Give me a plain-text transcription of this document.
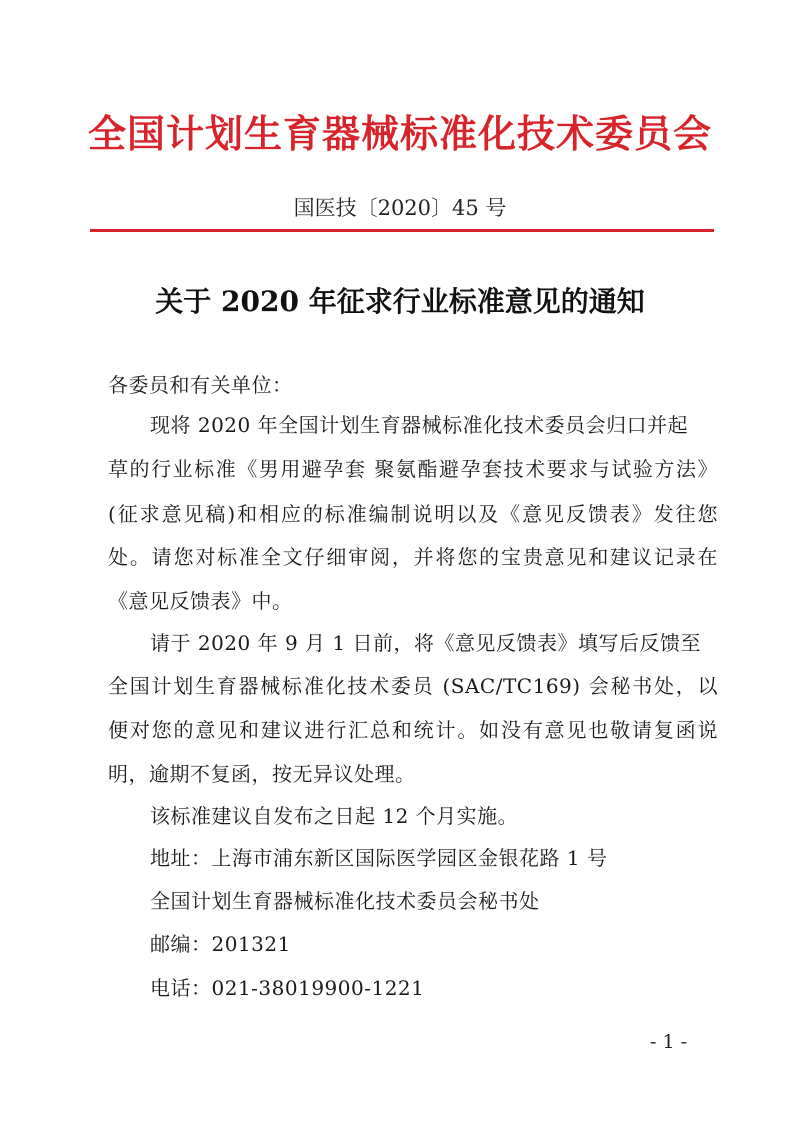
全国计划生育器械标准化技术委员会
国医技〔2020〕45 号
关于 2020 年征求行业标准意见的通知
各委员和有关单位：
现将 2020 年全国计划生育器械标准化技术委员会归口并起
草的行业标准《男用避孕套 聚氨酯避孕套技术要求与试验方法》
(征求意见稿)和相应的标准编制说明以及《意见反馈表》发往您
处。请您对标准全文仔细审阅，并将您的宝贵意见和建议记录在
《意见反馈表》中。
请于 2020 年 9 月 1 日前，将《意见反馈表》填写后反馈至
全国计划生育器械标准化技术委员 (SAC/TC169) 会秘书处，以
便对您的意见和建议进行汇总和统计。如没有意见也敬请复函说
明，逾期不复函，按无异议处理。
该标准建议自发布之日起 12 个月实施。
地址：上海市浦东新区国际医学园区金银花路 1 号
全国计划生育器械标准化技术委员会秘书处
邮编：201321
电话：021-38019900-1221
- 1 -
